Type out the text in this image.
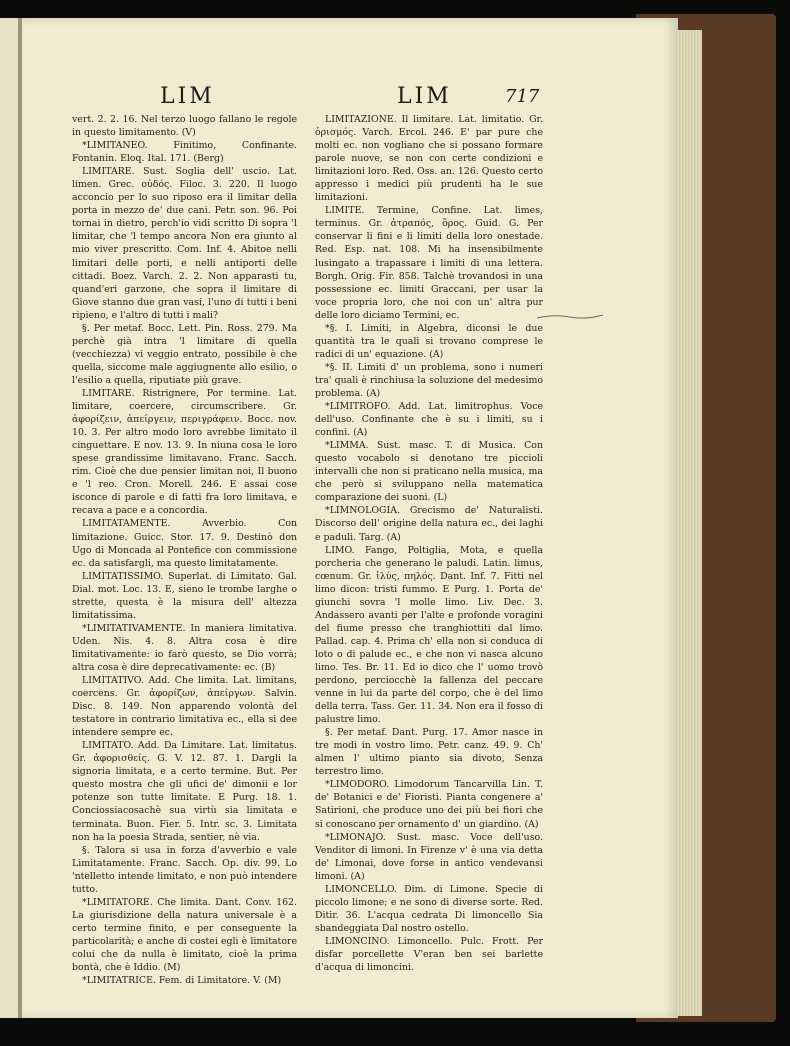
LIM	LIM	717

vert. 2. 2. 16. Nel terzo luogo fallano le regole in questo limitamento. (V)

*LIMITANEO. Finitimo, Confinante. Fontanin. Eloq. Ital. 171. (Berg)

LIMITARE. Sust. Soglia dell' uscio. Lat. limen. Grec. οὐδός. Filoc. 3. 220. Il luogo acconcio per lo suo riposo era il limitar della porta in mezzo de' due cani. Petr. son. 96. Poi tornai in dietro, perch'io vidi scritto Di sopra 'l limitar, che 'l tempo ancora Non era giunto al mio viver prescritto. Com. Inf. 4. Abitoe nelli limitari delle porti, e nelli antiporti delle cittadi. Boez. Varch. 2. 2. Non apparasti tu, quand'eri garzone, che sopra il limitare di Giove stanno due gran vasi, l'uno di tutti i beni ripieno, e l'altro di tutti i mali?

§. Per metaf. Bocc. Lett. Pin. Ross. 279. Ma perchè già intra 'l limitare di quella (vecchiezza) vi veggio entrato, possibile è che quella, siccome male aggiugnente allo esilio, o l'esilio a quella, riputiate più grave.

LIMITARE. Ristrignere, Por termine. Lat. limitare, coercere, circumscribere. Gr. ἀφορίζειν, ἀπείργειν, περιγράφειν. Bocc. nov. 10. 3. Per altro modo loro avrebbe limitato il cinguettare. E nov. 13. 9. In niuna cosa le loro spese grandissime limitavano. Franc. Sacch. rim. Cioè che due pensier limitan noi, Il buono e 'l reo. Cron. Morell. 246. E assai cose isconce di parole e di fatti fra loro limitava, e recava a pace e a concordia.

LIMITATAMENTE. Avverbio. Con limitazione. Guicc. Stor. 17. 9. Destinò don Ugo di Moncada al Pontefice con commissione ec. da satisfargli, ma questo limitatamente.

LIMITATISSIMO. Superlat. di Limitato. Gal. Dial. mot. Loc. 13. E, sieno le trombe larghe o strette, questa è la misura dell' altezza limitatissima.

*LIMITATIVAMENTE. In maniera limitativa. Uden. Nis. 4. 8. Altra cosa è dire limitativamente: io farò questo, se Dio vorrà; altra cosa è dire deprecativamente: ec. (B)

LIMITATIVO. Add. Che limita. Lat. limitans, coercens. Gr. ἀφορίζων, ἀπείργων. Salvin. Disc. 8. 149. Non apparendo volontà del testatore in contrario limitativa ec., ella si dee intendere sempre ec.

LIMITATO. Add. Da Limitare. Lat. limitatus. Gr. ἀφορισθείς. G. V. 12. 87. 1. Dargli la signoria limitata, e a certo termine. But. Per questo mostra che gli ufici de' dimonii e lor potenze son tutte limitate. E Purg. 18. 1. Conciossiacosachè sua virtù sia limitata e terminata. Buon. Fier. 5. Intr. sc. 3. Limitata non ha la poesia Strada, sentier, nè via.

§. Talora si usa in forza d'avverbio e vale Limitatamente. Franc. Sacch. Op. div. 99. Lo 'ntelletto intende limitato, e non può intendere tutto.

*LIMITATORE. Che limita. Dant. Conv. 162. La giurisdizione della natura universale è a certo termine finito, e per conseguente la particolarità; e anche di costei egli è limitatore colui che da nulla è limitato, cioè la prima bontà, che è Iddio. (M)

*LIMITATRICE. Fem. di Limitatore. V. (M)

LIMITAZIONE. Il limitare. Lat. limitatio. Gr. ὁρισμός. Varch. Ercol. 246. E' par pure che molti ec. non vogliano che si possano formare parole nuove, se non con certe condizioni e limitazioni loro. Red. Oss. an. 126. Questo certo appresso i medici più prudenti ha le sue limitazioni.

LIMITE. Termine, Confine. Lat. limes, terminus. Gr. ἀτραπός, ὅρος. Guid. G. Per conservar li fini e li limiti della loro onestade. Red. Esp. nat. 108. Mi ha insensibilmente lusingato a trapassare i limiti di una lettera. Borgh. Orig. Fir. 858. Talchè trovandosi in una possessione ec. limiti Graccani, per usar la voce propria loro, che noi con un' altra pur delle loro diciamo Termini, ec.

*§. I. Limiti, in Algebra, diconsi le due quantità tra le quali si trovano comprese le radici di un' equazione. (A)

*§. II. Limiti d' un problema, sono i numeri tra' quali è rinchiusa la soluzione del medesimo problema. (A)

*LIMITROFO. Add. Lat. limitrophus. Voce dell'uso. Confinante che è su i limiti, su i confini. (A)

*LIMMA. Sust. masc. T. di Musica. Con questo vocabolo si denotano tre piccioli intervalli che non si praticano nella musica, ma che però si sviluppano nella matematica comparazione dei suoni. (L)

*LIMNOLOGIA. Grecismo de' Naturalisti. Discorso dell' origine della natura ec., dei laghi e paduli. Targ. (A)

LIMO. Fango, Poltiglia, Mota, e quella porcheria che generano le paludi. Latin. limus, cœnum. Gr. ἰλύς, πηλός. Dant. Inf. 7. Fitti nel limo dicon: tristi fummo. E Purg. 1. Porta de' giunchi sovra 'l molle limo. Liv. Dec. 3. Andassero avanti per l'alte e profonde voragini del fiume presso che tranghiottiti dal limo. Pallad. cap. 4. Prima ch' ella non si conduca di loto o di palude ec., e che non vi nasca alcuno limo. Tes. Br. 11. Ed io dico che l' uomo trovò perdono, perciocchè la fallenza del peccare venne in lui da parte del corpo, che è del limo della terra. Tass. Ger. 11. 34. Non era il fosso di palustre limo.

§. Per metaf. Dant. Purg. 17. Amor nasce in tre modi in vostro limo. Petr. canz. 49. 9. Ch' almen l' ultimo pianto sia divoto, Senza terrestro limo.

*LIMODORO. Limodorum Tancarvilla Lin. T. de' Botanici e de' Fioristi. Pianta congenere a' Satirioni, che produce uno dei più bei fiori che si conoscano per ornamento d' un giardino. (A)

*LIMONAJO. Sust. masc. Voce dell'uso. Venditor di limoni. In Firenze v' è una via detta de' Limonai, dove forse in antico vendevansi limoni. (A)

LIMONCELLO. Dim. di Limone. Specie di piccolo limone; e ne sono di diverse sorte. Red. Ditir. 36. L'acqua cedrata Di limoncello Sia sbandeggiata Dal nostro ostello.

LIMONCINO. Limoncello. Pulc. Frott. Per disfar porcellette V'eran ben sei barlette d'acqua di limoncini.
